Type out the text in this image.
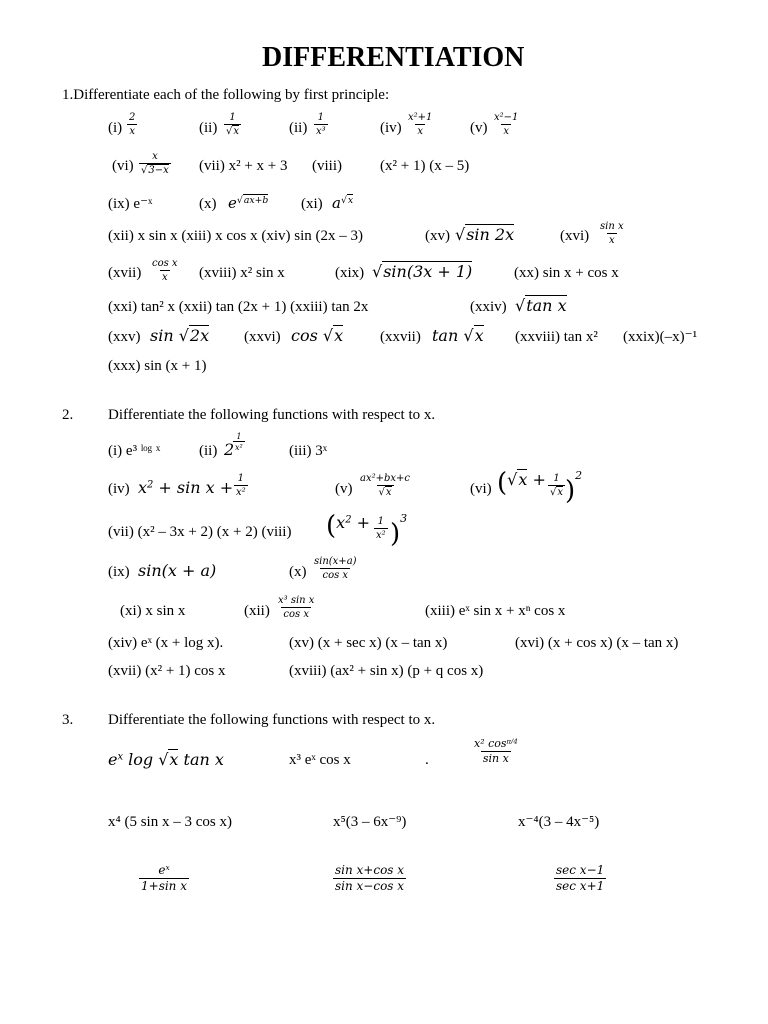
DIFFERENTIATION
1.Differentiate each of the following by first principle:
(i)
2
x	(ii)
1
√x	(ii)
1
x³	(iv)
x²+1
x	(v)
x²−1
x
(vi)
x
√3−x (vii) x² + x + 3 (viii)	(x² + 1) (x – 5)
(ix) e⁻ˣ	(x) $e^{√ax+b}$ (xi) $a^{√x}$
(xii) x sin x (xiii) x cos x (xiv) sin (2x – 3)	(xv) √sin 2x	(xvi)
sin x
x
(xvii)
cos x
x (xviii) x² sin x	(xix) √sin(3x + 1)	(xx) sin x + cos x
(xxi) tan² x (xxii) tan (2x + 1) (xxiii) tan 2x	(xxiv) √tan x
(xxv) sin √2x (xxvi) cos √x (xxvii) tan √x (xxviii) tan x² (xxix)(–x)⁻¹
(xxx) sin (x + 1)
2. Differentiate the following functions with respect to x.
(i) e³ ˡᵒᵍ ˣ	(ii) 2
1
x²	(iii) 3ˣ
(iv) $x^2 + \sin x + 1$
x²	(v)
ax²+bx+c
√x	(vi) (√x + 1
√x )$^2$
(vii) (x² – 3x + 2) (x + 2) (viii) ($x^2 + 1$
x² )$^3$
(ix) sin(x + a)	(x)
sin(x+a)
cos x
(xi) x sin x	(xii)
x³ sin x
cos x	(xiii) eˣ sin x + xⁿ cos x
(xiv) eˣ (x + log x).	(xv) (x + sec x) (x – tan x)	(xvi) (x + cos x) (x – tan x)
(xvii) (x² + 1) cos x	(xviii) (ax² + sin x) (p + q cos x)
3. Differentiate the following functions with respect to x.
$e^x$ log √x tan x	x³ eˣ cos x	.
x² $\cos^{\pi/4}$
sin x
x⁴ (5 sin x – 3 cos x)	x⁵(3 – 6x⁻⁹)	x⁻⁴(3 – 4x⁻⁵)
$e^x$
1+sin x
sin x+cos x
sin x−cos x
sec x−1
sec x+1
